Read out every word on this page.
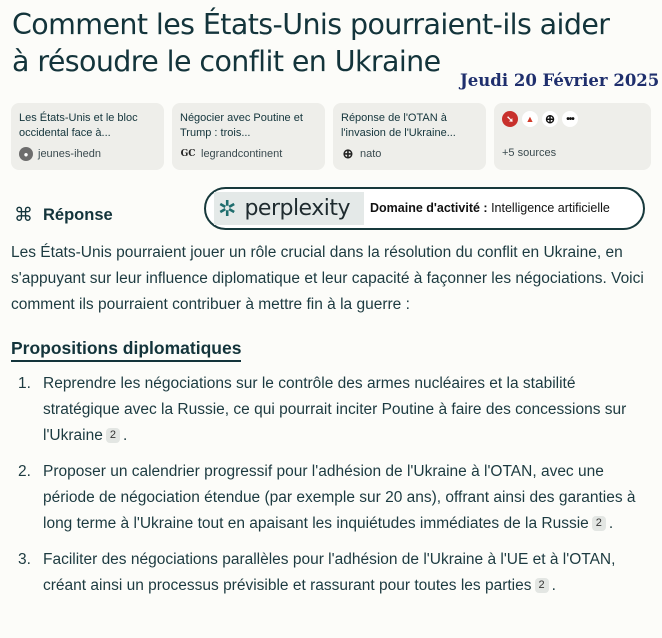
Comment les États-Unis pourraient-ils aider à résoudre le conflit en Ukraine
Jeudi 20 Février 2025
Les États-Unis et le bloc occidental face à...
● jeunes-ihedn
Négocier avec Poutine et Trump : trois...
GC legrandcontinent
Réponse de l'OTAN à l'invasion de l'Ukraine...
⊕ nato
➘	▲ ⊕	•••
+5 sources
⌘ Réponse	✲ perplexity Domaine d'activité : Intelligence artificielle

Les États-Unis pourraient jouer un rôle crucial dans la résolution du conflit en Ukraine, en s'appuyant sur leur influence diplomatique et leur capacité à façonner les négociations. Voici comment ils pourraient contribuer à mettre fin à la guerre :

Propositions diplomatiques
1. Reprendre les négociations sur le contrôle des armes nucléaires et la stabilité stratégique avec la Russie, ce qui pourrait inciter Poutine à faire des concessions sur l'Ukraine 2 .
2. Proposer un calendrier progressif pour l'adhésion de l'Ukraine à l'OTAN, avec une période de négociation étendue (par exemple sur 20 ans), offrant ainsi des garanties à long terme à l'Ukraine tout en apaisant les inquiétudes immédiates de la Russie 2 .
3. Faciliter des négociations parallèles pour l'adhésion de l'Ukraine à l'UE et à l'OTAN, créant ainsi un processus prévisible et rassurant pour toutes les parties 2 .
